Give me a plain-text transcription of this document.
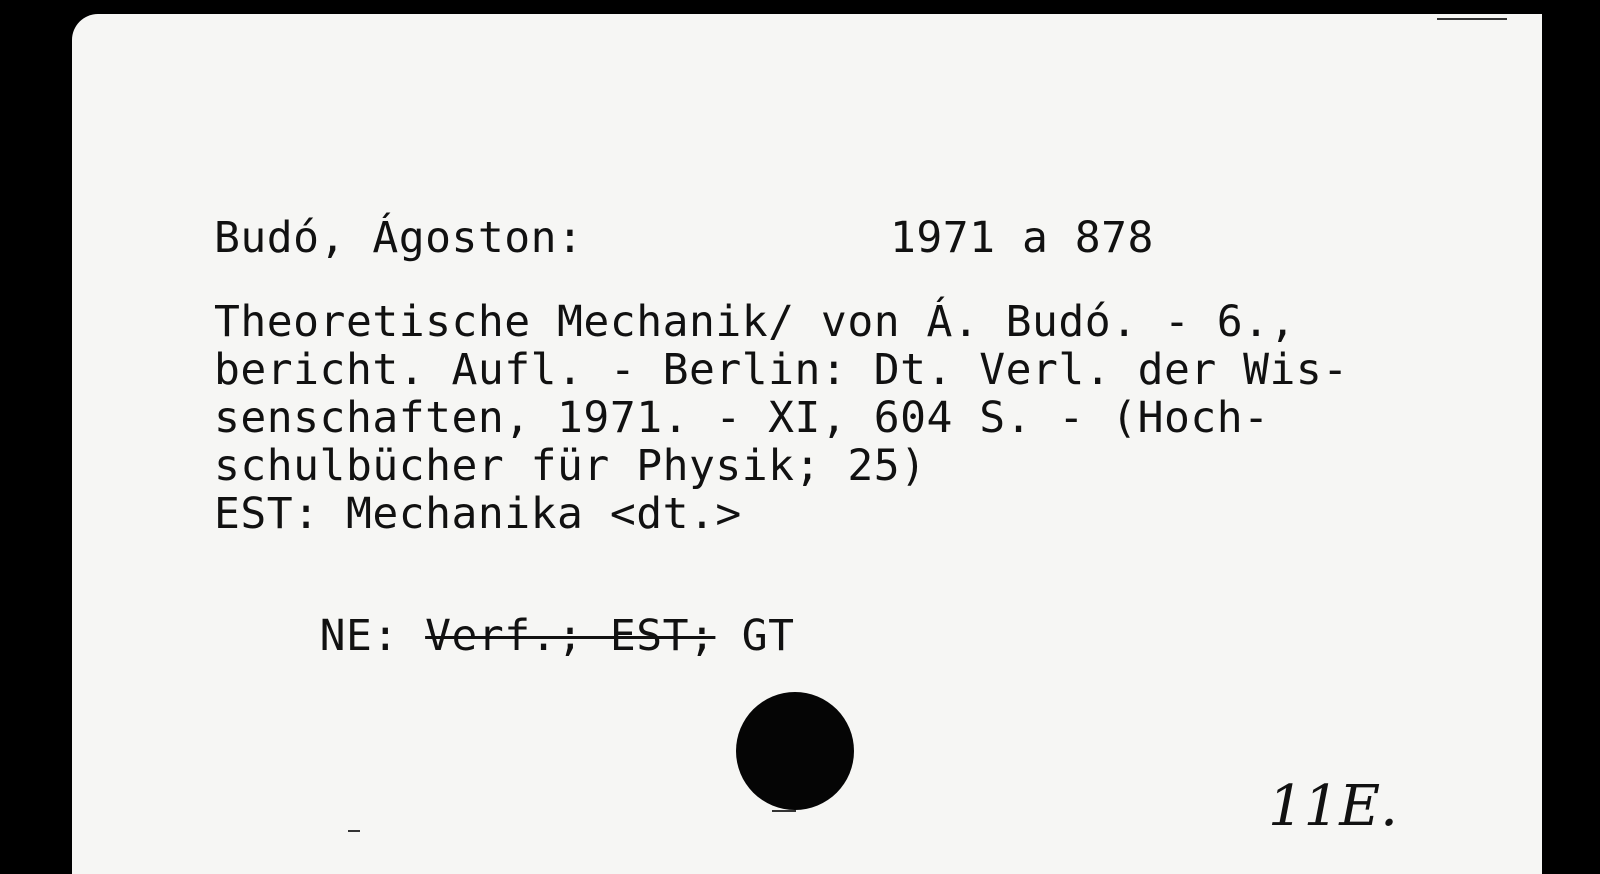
Budó, Ágoston:	1971 a 878
Theoretische Mechanik/ von Á. Budó. - 6.,
bericht. Aufl. - Berlin: Dt. Verl. der Wis-
senschaften, 1971. - XI, 604 S. - (Hoch-
schulbücher für Physik; 25)
EST: Mechanika <dt.>

NE: Verf.; EST; GT

11E.
